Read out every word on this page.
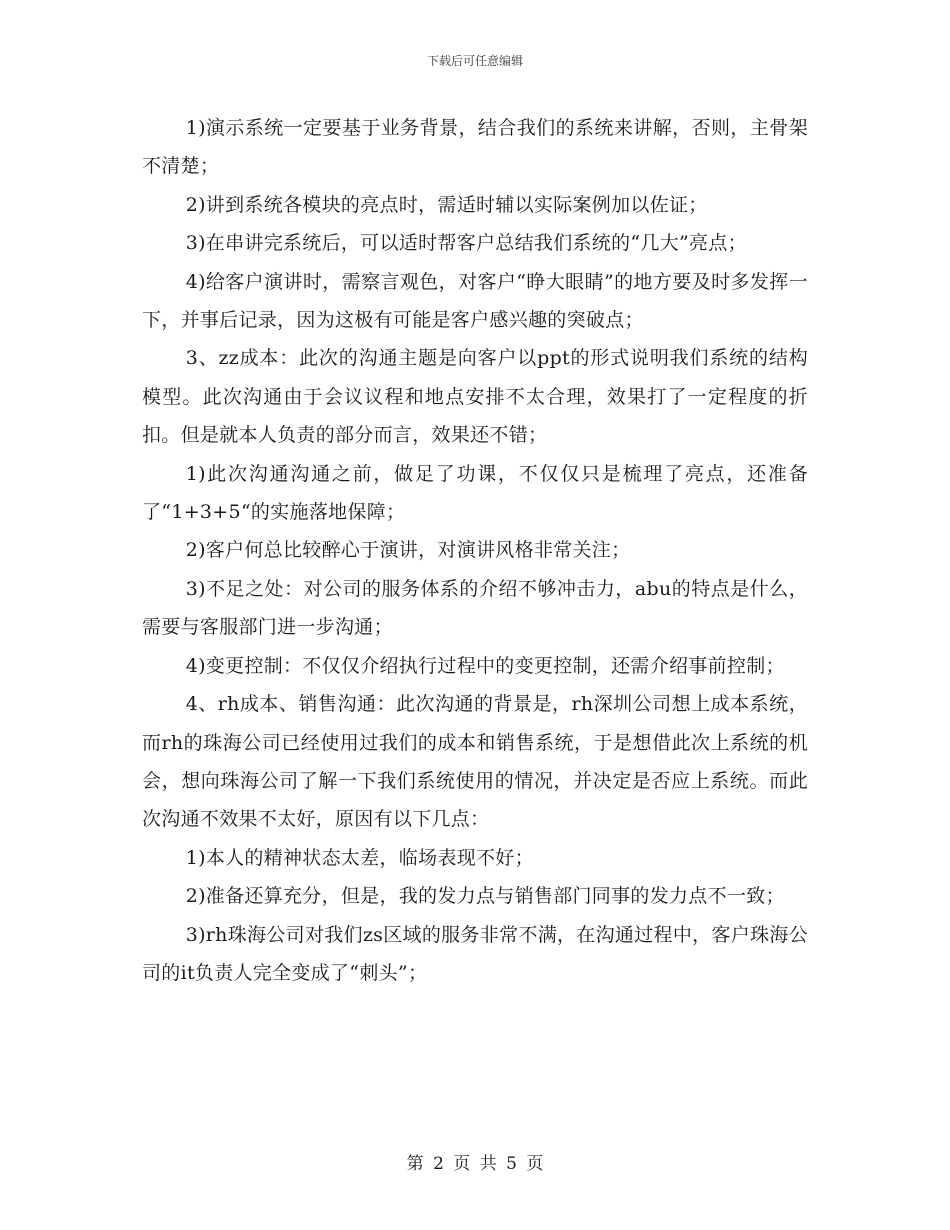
下载后可任意编辑

1)演示系统一定要基于业务背景，结合我们的系统来讲解，否则，主骨架不清楚；

2)讲到系统各模块的亮点时，需适时辅以实际案例加以佐证；

3)在串讲完系统后，可以适时帮客户总结我们系统的“几大”亮点；

4)给客户演讲时，需察言观色，对客户“睁大眼睛”的地方要及时多发挥一下，并事后记录，因为这极有可能是客户感兴趣的突破点；

3、zz成本：此次的沟通主题是向客户以ppt的形式说明我们系统的结构模型。此次沟通由于会议议程和地点安排不太合理，效果打了一定程度的折扣。但是就本人负责的部分而言，效果还不错；

1)此次沟通沟通之前，做足了功课，不仅仅只是梳理了亮点，还准备了“1+3+5“的实施落地保障；

2)客户何总比较醉心于演讲，对演讲风格非常关注；

3)不足之处：对公司的服务体系的介绍不够冲击力，abu的特点是什么，需要与客服部门进一步沟通；

4)变更控制：不仅仅介绍执行过程中的变更控制，还需介绍事前控制；

4、rh成本、销售沟通：此次沟通的背景是，rh深圳公司想上成本系统，而rh的珠海公司已经使用过我们的成本和销售系统，于是想借此次上系统的机会，想向珠海公司了解一下我们系统使用的情况，并决定是否应上系统。而此次沟通不效果不太好，原因有以下几点：

1)本人的精神状态太差，临场表现不好；

2)准备还算充分，但是，我的发力点与销售部门同事的发力点不一致；

3)rh珠海公司对我们zs区域的服务非常不满，在沟通过程中，客户珠海公司的it负责人完全变成了“刺头”；

第 2 页 共 5 页
